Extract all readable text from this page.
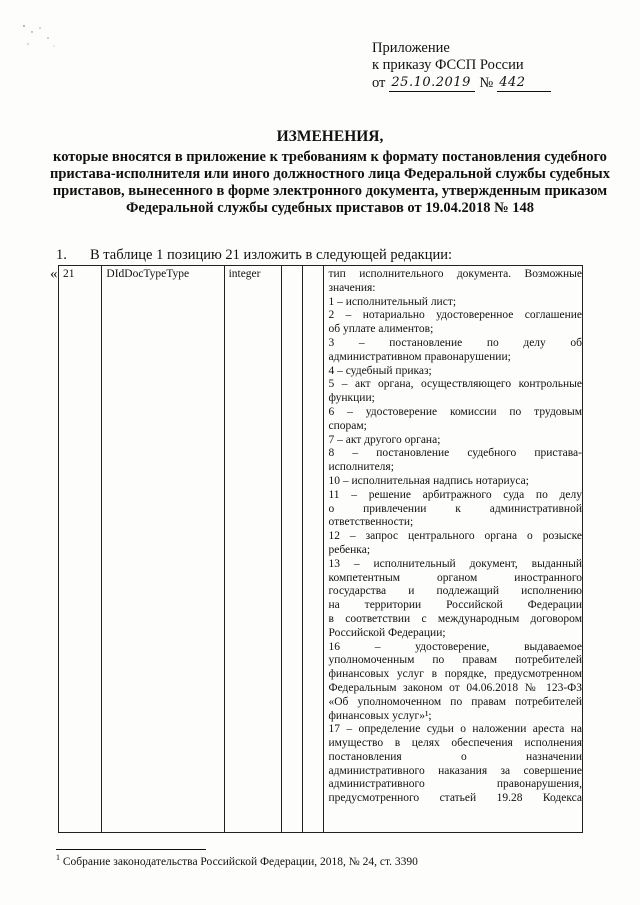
Приложение
к приказу ФССП России
от 25.10.2019 № 442
ИЗМЕНЕНИЯ,
которые вносятся в приложение к требованиям к формату постановления судебного пристава-исполнителя или иного должностного лица Федеральной службы судебных приставов, вынесенного в форме электронного документа, утвержденным приказом Федеральной службы судебных приставов от 19.04.2018 № 148
1. В таблице 1 позицию 21 изложить в следующей редакции:
« 21	DIdDocTypeType	integer			тип исполнительного документа. Возможные
значения:
1 – исполнительный лист;
2 – нотариально удостоверенное соглашение
об уплате алиментов;
3 – постановление по делу об
административном правонарушении;
4 – судебный приказ;
5 – акт органа, осуществляющего контрольные
функции;
6 – удостоверение комиссии по трудовым
спорам;
7 – акт другого органа;
8 – постановление судебного пристава-
исполнителя;
10 – исполнительная надпись нотариуса;
11 – решение арбитражного суда по делу
о привлечении к административной
ответственности;
12 – запрос центрального органа о розыске
ребенка;
13 – исполнительный документ, выданный
компетентным органом иностранного
государства и подлежащий исполнению
на территории Российской Федерации
в соответствии с международным договором
Российской Федерации;
16 – удостоверение, выдаваемое
уполномоченным по правам потребителей
финансовых услуг в порядке, предусмотренном
Федеральным законом от 04.06.2018 № 123-ФЗ
«Об уполномоченном по правам потребителей
финансовых услуг»¹;
17 – определение судьи о наложении ареста на
имущество в целях обеспечения исполнения
постановления о назначении
административного наказания за совершение
административного правонарушения,
предусмотренного статьей 19.28 Кодекса
$^1$ Собрание законодательства Российской Федерации, 2018, № 24, ст. 3390
